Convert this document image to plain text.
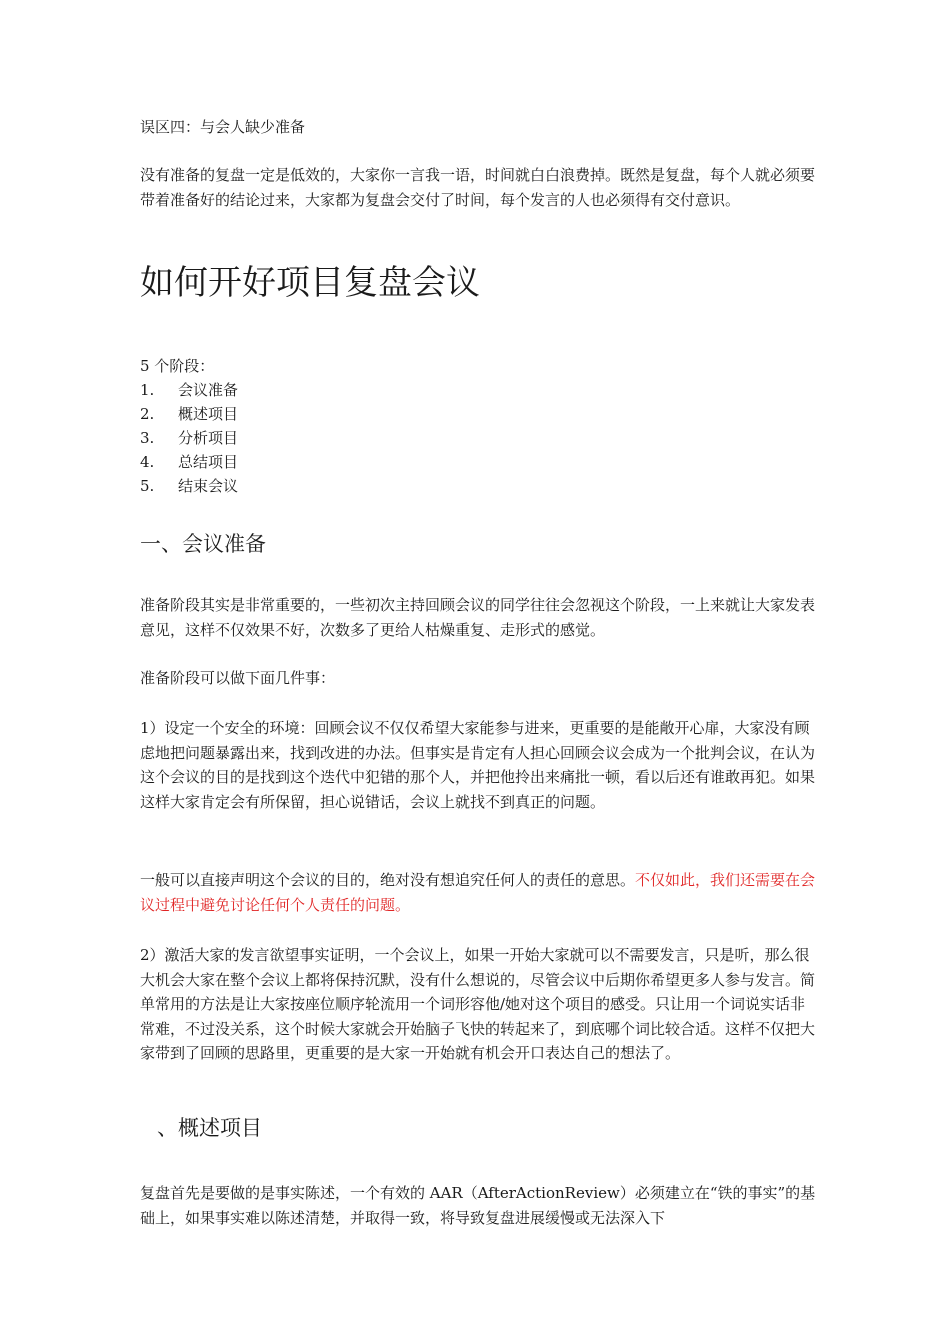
误区四：与会人缺少准备

没有准备的复盘一定是低效的，大家你一言我一语，时间就白白浪费掉。既然是复盘，每个人就必须要带着准备好的结论过来，大家都为复盘会交付了时间，每个发言的人也必须得有交付意识。

如何开好项目复盘会议

5 个阶段：

1. 会议准备
2. 概述项目
3. 分析项目
4. 总结项目
5. 结束会议
一、会议准备

准备阶段其实是非常重要的，一些初次主持回顾会议的同学往往会忽视这个阶段，一上来就让大家发表意见，这样不仅效果不好，次数多了更给人枯燥重复、走形式的感觉。

准备阶段可以做下面几件事：

1）设定一个安全的环境：回顾会议不仅仅希望大家能参与进来，更重要的是能敞开心扉，大家没有顾虑地把问题暴露出来，找到改进的办法。但事实是肯定有人担心回顾会议会成为一个批判会议，在认为这个会议的目的是找到这个迭代中犯错的那个人，并把他拎出来痛批一顿，看以后还有谁敢再犯。如果这样大家肯定会有所保留，担心说错话，会议上就找不到真正的问题。

一般可以直接声明这个会议的目的，绝对没有想追究任何人的责任的意思。不仅如此，我们还需要在会议过程中避免讨论任何个人责任的问题。

2）激活大家的发言欲望事实证明，一个会议上，如果一开始大家就可以不需要发言，只是听，那么很大机会大家在整个会议上都将保持沉默，没有什么想说的，尽管会议中后期你希望更多人参与发言。简单常用的方法是让大家按座位顺序轮流用一个词形容他/她对这个项目的感受。只让用一个词说实话非常难，不过没关系，这个时候大家就会开始脑子飞快的转起来了，到底哪个词比较合适。这样不仅把大家带到了回顾的思路里，更重要的是大家一开始就有机会开口表达自己的想法了。

、概述项目

复盘首先是要做的是事实陈述，一个有效的 AAR（AfterActionReview）必须建立在“铁的事实”的基础上，如果事实难以陈述清楚，并取得一致，将导致复盘进展缓慢或无法深入下
